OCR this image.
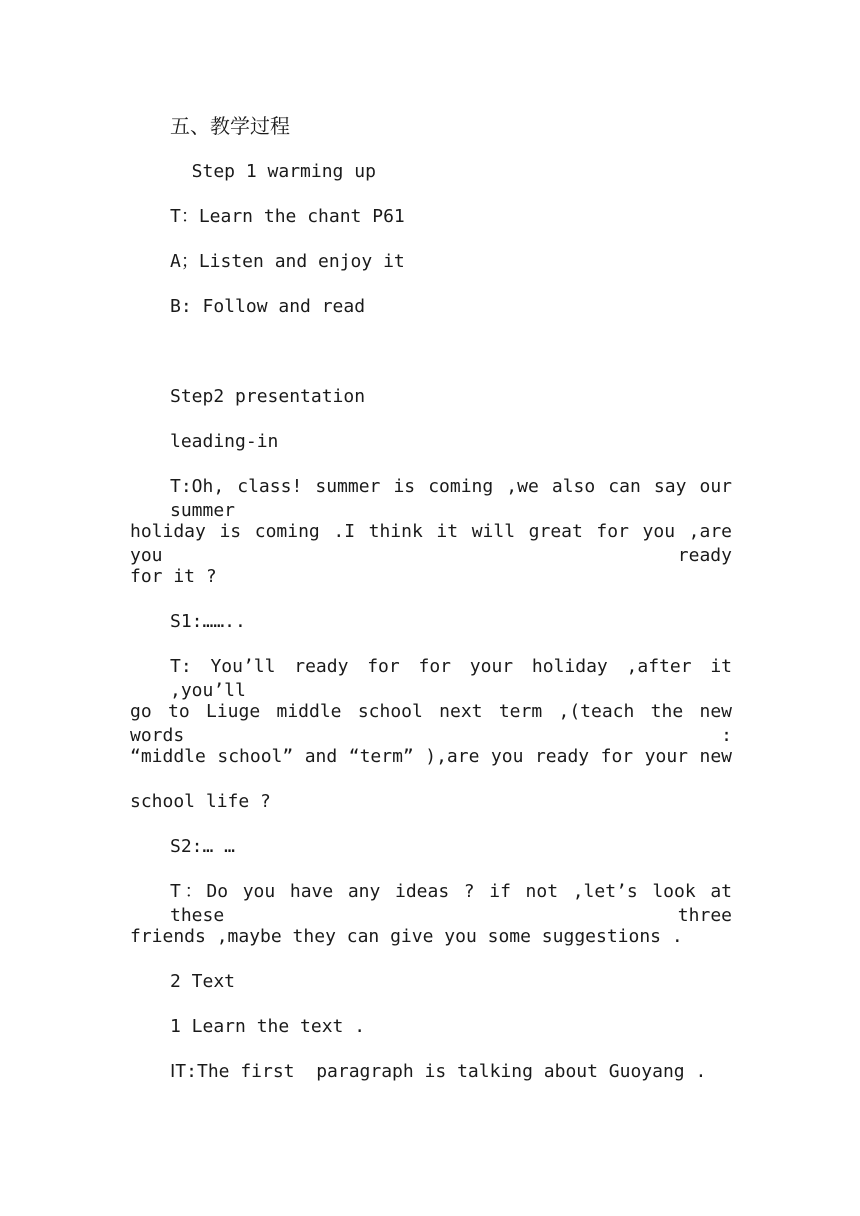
五、教学过程
Step 1 warming up
T：Learn the chant P61
A；Listen and enjoy it
B: Follow and read
Step2 presentation
leading-in
T:Oh, class! summer is coming ,we also can say our summer
holiday is coming .I think it will great for you ,are you ready
for it ?
S1:……..
T: You’ll ready for for your holiday ,after it ,you’ll
go to Liuge middle school next term ,(teach the new words :
“middle school” and “term” ),are you ready for your new
school life ?
S2:… …
T：Do you have any ideas ? if not ,let’s look at these three
friends ,maybe they can give you some suggestions .
2 Text
1 Learn the text .
ⅠT:The first  paragraph is talking about Guoyang .
